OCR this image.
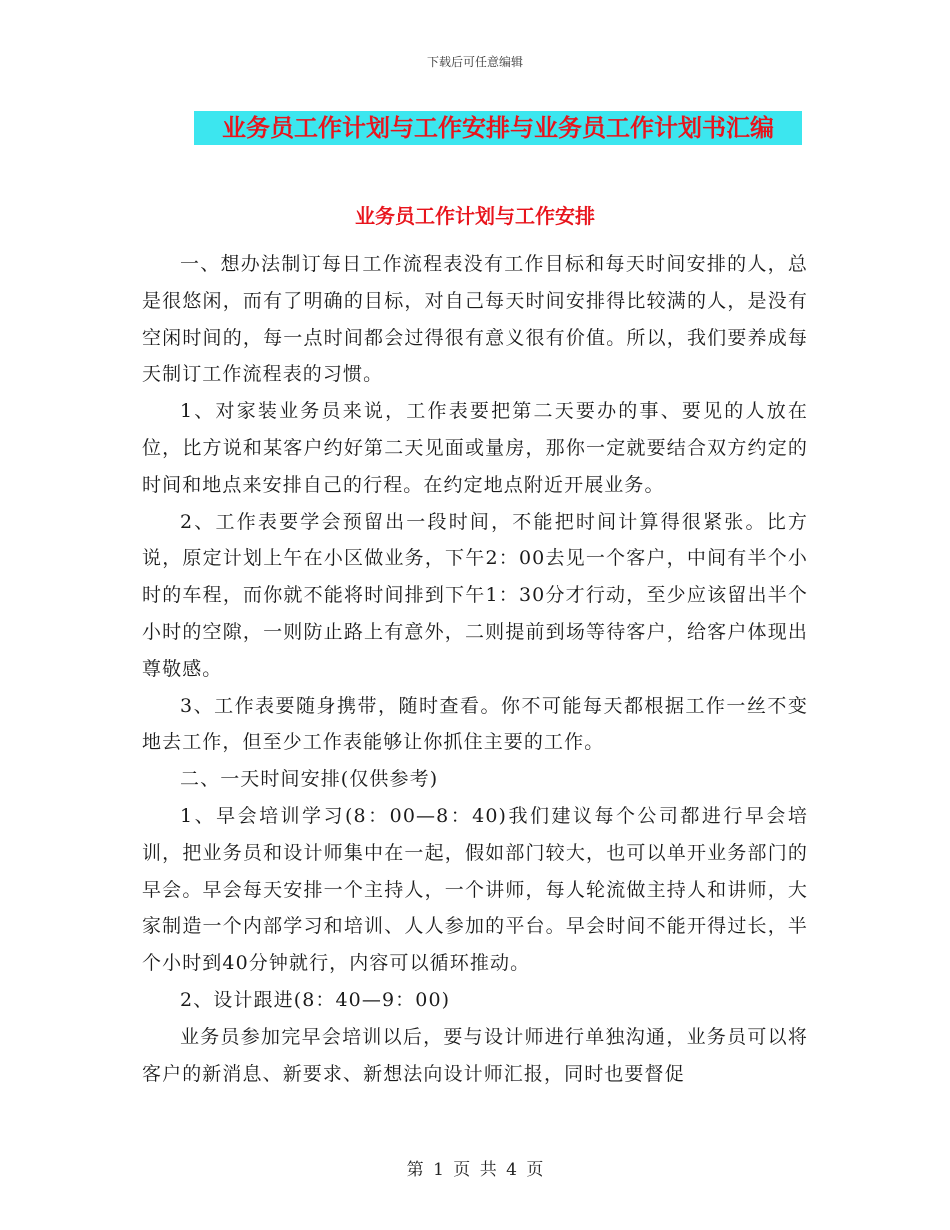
下载后可任意编辑
业务员工作计划与工作安排与业务员工作计划书汇编
业务员工作计划与工作安排

一、想办法制订每日工作流程表没有工作目标和每天时间安排的人，总是很悠闲，而有了明确的目标，对自己每天时间安排得比较满的人，是没有空闲时间的，每一点时间都会过得很有意义很有价值。所以，我们要养成每天制订工作流程表的习惯。

1、对家装业务员来说，工作表要把第二天要办的事、要见的人放在位，比方说和某客户约好第二天见面或量房，那你一定就要结合双方约定的时间和地点来安排自己的行程。在约定地点附近开展业务。

2、工作表要学会预留出一段时间，不能把时间计算得很紧张。比方说，原定计划上午在小区做业务，下午2：00去见一个客户，中间有半个小时的车程，而你就不能将时间排到下午1：30分才行动，至少应该留出半个小时的空隙，一则防止路上有意外，二则提前到场等待客户，给客户体现出尊敬感。

3、工作表要随身携带，随时查看。你不可能每天都根据工作一丝不变地去工作，但至少工作表能够让你抓住主要的工作。

二、一天时间安排(仅供参考)

1、早会培训学习(8：00—8：40)我们建议每个公司都进行早会培训，把业务员和设计师集中在一起，假如部门较大，也可以单开业务部门的早会。早会每天安排一个主持人，一个讲师，每人轮流做主持人和讲师，大家制造一个内部学习和培训、人人参加的平台。早会时间不能开得过长，半个小时到40分钟就行，内容可以循环推动。

2、设计跟进(8：40—9：00)

业务员参加完早会培训以后，要与设计师进行单独沟通，业务员可以将客户的新消息、新要求、新想法向设计师汇报，同时也要督促

第 1 页 共 4 页
